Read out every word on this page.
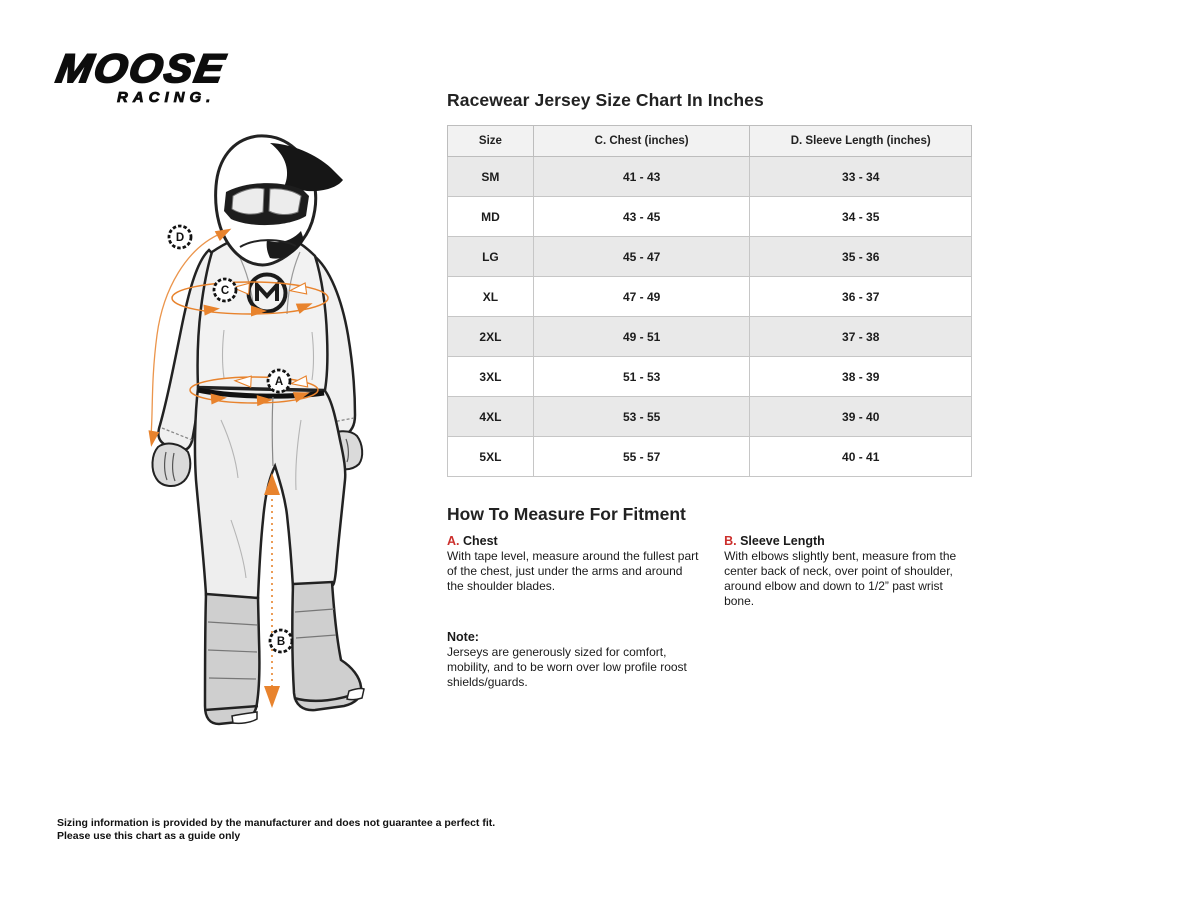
MOOSE
RACING.
D
C
A
B
Racewear Jersey Size Chart In Inches
Size	C. Chest (inches)	D. Sleeve Length (inches)
SM	41 - 43	33 - 34
MD	43 - 45	34 - 35
LG	45 - 47	35 - 36
XL	47 - 49	36 - 37
2XL	49 - 51	37 - 38
3XL	51 - 53	38 - 39
4XL	53 - 55	39 - 40
5XL	55 - 57	40 - 41
How To Measure For Fitment
A. Chest

With tape level, measure around the fullest part of the chest, just under the arms and around the shoulder blades.

Note:

Jerseys are generously sized for comfort, mobility, and to be worn over low profile roost shields/guards.

B. Sleeve Length

With elbows slightly bent, measure from the center back of neck, over point of shoulder, around elbow and down to 1/2” past wrist bone.

Sizing information is provided by the manufacturer and does not guarantee a perfect fit.
Please use this chart as a guide only
